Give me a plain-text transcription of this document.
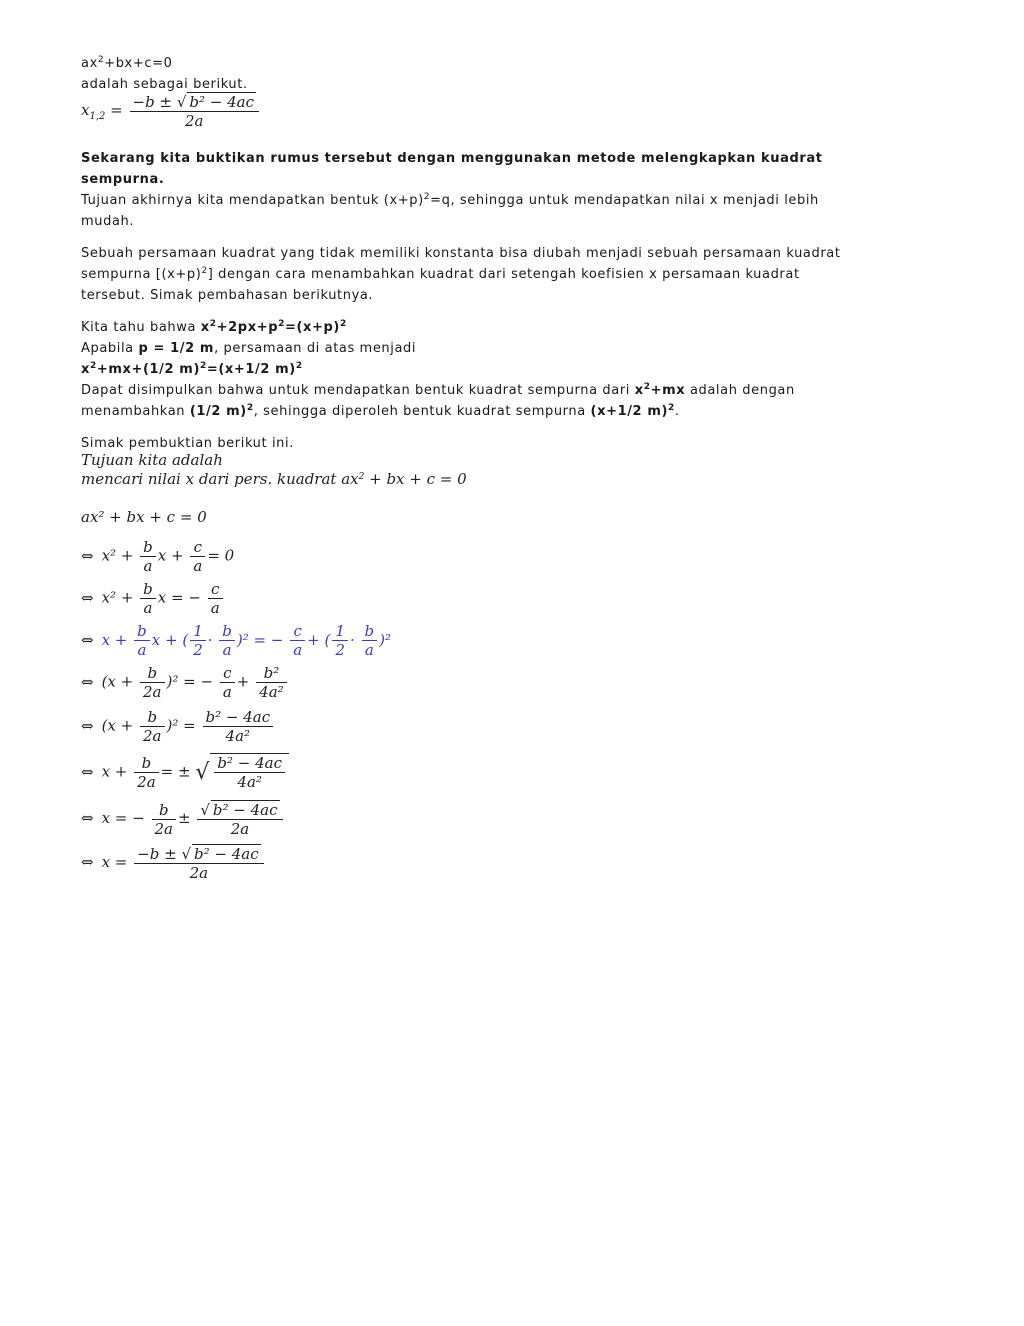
$ax^2+bx+c=0$
adalah sebagai berikut.
$x_{1,2} = \frac{\text{−b ± √ b² − 4ac}}{2a}$
Sekarang kita buktikan rumus tersebut dengan menggunakan metode melengkapkan kuadrat
sempurna.
Tujuan akhirnya kita mendapatkan bentuk $(x+p)^2=q$, sehingga untuk mendapatkan nilai x menjadi lebih
mudah.
Sebuah persamaan kuadrat yang tidak memiliki konstanta bisa diubah menjadi sebuah persamaan kuadrat
sempurna $[(x+p)^2]$ dengan cara menambahkan kuadrat dari setengah koefisien x persamaan kuadrat
tersebut. Simak pembahasan berikutnya.
Kita tahu bahwa $x^2+2px+p^2=(x+p)^2$
Apabila p = 1/2 m, persamaan di atas menjadi
$x^2+mx+(1/2$ m)$^2$=(x+1/2 m)$^2$
Dapat disimpulkan bahwa untuk mendapatkan bentuk kuadrat sempurna dari $x^2+mx$ adalah dengan
menambahkan (1/2 m)$^2$, sehingga diperoleh bentuk kuadrat sempurna (x+1/2 m)$^2$.
Simak pembuktian berikut ini.
Tujuan kita adalah
mencari nilai x dari pers. kuadrat $ax^2$ + bx + c = 0
ax² + bx + c = 0
⇔ $x^2 + \frac{b}{a}$ $x + \frac{c}{a} = 0$
⇔ $x^2 + \frac{b}{a}$ x = − $\frac{c}{a}$
⇔ $x + \frac{b}{a}$ x + ( $\frac{1}{2} \cdot \frac{b}{a} )^2$ = − $\frac{c}{a}$ + ( $\frac{1}{2} \cdot \frac{b}{a} )^2$
⇔ $(x + \frac{b}{2a} )^2$ = − $\frac{c}{a} + \frac{\text{b²}}{\text{4a²}}$
⇔ $(x + \frac{b}{2a} )^2 = \frac{\text{b² − 4ac}}{\text{4a²}}$
⇔ $x + \frac{b}{2a}$ = ± √ $\frac{\text{b² − 4ac}}{\text{4a²}}$
⇔ x = − $\frac{b}{2a} \pm \frac{\text{√ b² − 4ac}}{2a}$
⇔ $x = \frac{\text{−b ± √ b² − 4ac}}{2a}$
